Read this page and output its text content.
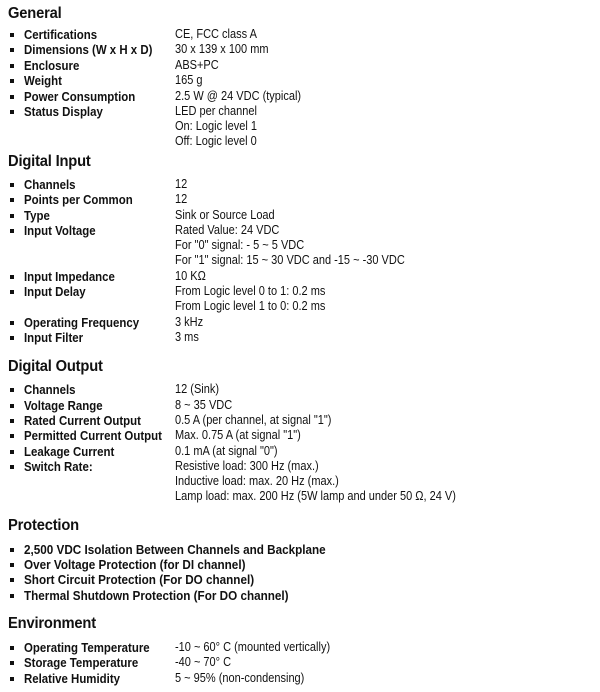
General
Certifications	CE, FCC class A
Dimensions (W x H x D) 30 x 139 x 100 mm
Enclosure	ABS+PC
Weight	165 g
Power Consumption	2.5 W @ 24 VDC (typical)
Status Display	LED per channel
On: Logic level 1
Off: Logic level 0
Digital Input
Channels	12
Points per Common	12
Type	Sink or Source Load
Input Voltage	Rated Value: 24 VDC
For "0" signal: - 5 ~ 5 VDC
For "1" signal: 15 ~ 30 VDC and -15 ~ -30 VDC
Input Impedance	10 KΩ
Input Delay	From Logic level 0 to 1: 0.2 ms
From Logic level 1 to 0: 0.2 ms
Operating Frequency	3 kHz
Input Filter	3 ms
Digital Output
Channels	12 (Sink)
Voltage Range	8 ~ 35 VDC
Rated Current Output	0.5 A (per channel, at signal "1")
Permitted Current Output Max. 0.75 A (at signal "1")
Leakage Current	0.1 mA (at signal "0")
Switch Rate:	Resistive load: 300 Hz (max.)
Inductive load: max. 20 Hz (max.)
Lamp load: max. 200 Hz (5W lamp and under 50 Ω, 24 V)
Protection
2,500 VDC Isolation Between Channels and Backplane
Over Voltage Protection (for DI channel)
Short Circuit Protection (For DO channel)
Thermal Shutdown Protection (For DO channel)
Environment
Operating Temperature -10 ~ 60° C (mounted vertically)
Storage Temperature	-40 ~ 70° C
Relative Humidity	5 ~ 95% (non-condensing)
